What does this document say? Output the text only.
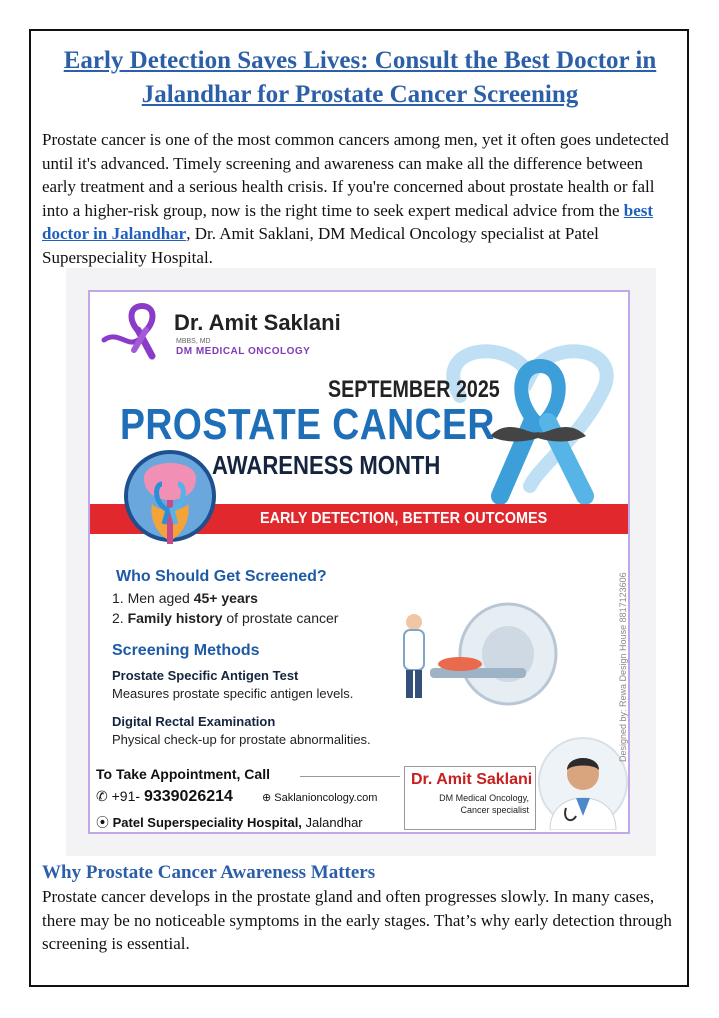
Early Detection Saves Lives: Consult the Best Doctor in Jalandhar for Prostate Cancer Screening

Prostate cancer is one of the most common cancers among men, yet it often goes undetected until it's advanced. Timely screening and awareness can make all the difference between early treatment and a serious health crisis. If you're concerned about prostate health or fall into a higher-risk group, now is the right time to seek expert medical advice from the best doctor in Jalandhar, Dr. Amit Saklani, DM Medical Oncology specialist at Patel Superspeciality Hospital.

Dr. Amit Saklani
MBBS, MD
DM MEDICAL ONCOLOGY
SEPTEMBER 2025
PROSTATE CANCER
AWARENESS MONTH
EARLY DETECTION, BETTER OUTCOMES
Who Should Get Screened?
1. Men aged 45+ years
2. Family history of prostate cancer
Screening Methods
Prostate Specific Antigen Test
Measures prostate specific antigen levels.
Digital Rectal Examination
Physical check-up for prostate abnormalities.
To Take Appointment, Call
✆ +91- 9339026214	⊕ Saklanioncology.com
⦿ Patel Superspeciality Hospital, Jalandhar
Dr. Amit Saklani
DM Medical Oncology,
Cancer specialist
Designed by: Rewa Design House 8817123606
Why Prostate Cancer Awareness Matters

Prostate cancer develops in the prostate gland and often progresses slowly. In many cases, there may be no noticeable symptoms in the early stages. That’s why early detection through screening is essential.
